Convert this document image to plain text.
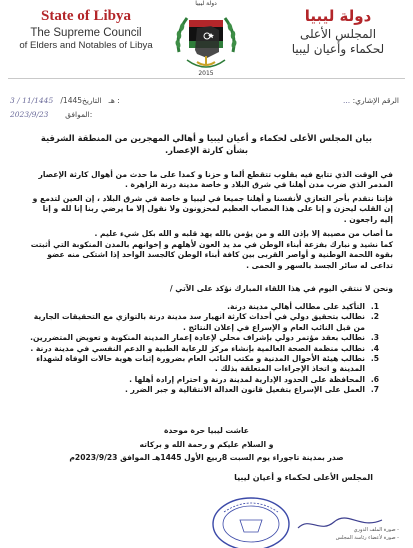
State of Libya
The Supreme Council
of Elders and Notables of Libya
دولة ليبيا
2015
دولة ليبيا
المجلس الأعلى
لحكماء وأعيان ليبيا
3 / 11/1445 /1445هـ   التاريخ :
2023/9/23 الموافق:
الرقم الإشاري: ...
بيان المجلس الأعلى لحكماء و أعيان ليبيا و أهالي المهجرين من المنطقة الشرقية بشأن كارثة الإعصار.
في الوقت الذي تتابع فيه بقلوب تتقطع ألما و حزنا و كمدا على ما حدث من أهوال كارثة الإعصار المدمر الذي ضرب مدن أهلنا في شرق البلاد و خاصة مدينة درنة الزاهرة .
فإننا نتقدم بأحر التعازي لأنفسنا و أهلنا جميعا في ليبيا و خاصة في شرق البلاد ، إن العين لتدمع و إن القلب ليحزن و إنا على هذا المصاب العظيم لمحزونون ولا نقول إلا ما يرضي ربنا إنا لله و إنا إليه راجعون .
ما أصاب من مصيبة إلا بإذن الله و من يؤمن بالله يهد قلبه و الله بكل شيء عليم .
كما نشيد و نبارك بفزعة أبناء الوطن في مد يد العون لأهلهم و إخوانهم بالمدن المنكوبة التي أثبتت بقوة اللحمة الوطنية و أواصر القربى بين كافة أبناء الوطن كالجسد الواحد إذا اشتكى منه عضو تداعى له سائر الجسد بالسهر و الحمى .
ونحن لا ننتقي اليوم في هذا اللقاء المبارك نؤكد على الآتي /
1.
التأكيد على مطالب أهالي مدينة درنة.
2.
نطالب بتحقيق دولي في أحداث كارثة انهيار سد مدينة درنة بالتوازي مع التحقيقات الجارية من قبل النائب العام و الإسراع في إعلان النتائج .
3.
نطالب بعقد مؤتمر دولي بإشراف محلي لإعادة إعمار المدينة المنكوبة و تعويض المتضررين.
4.
نطالب منظمة الصحة العالمية بإنشاء مركز للرعاية الطبية و الدعم النفسي في مدينة درنة .
5.
نطالب هيئة الأحوال المدنية و مكتب النائب العام بضرورة إثبات هوية حالات الوفاة لشهداء المدينة و اتخاذ الإجراءات المتعلقة بذلك .
6.
المحافظة على الحدود الإدارية لمدينة درنة و احترام إرادة أهلها .
7.
العمل على الإسراع بتفعيل قانون العدالة الانتقالية و جبر الضرر .
عاشت ليبيا حرة موحدة
و السلام عليكم و رحمة الله و بركاته
صدر بمدينة تاجوراء يوم السبت 8ربيع الأول 1445هـ الموافق 2023/9/23م
المجلس الأعلى لحكماء و أعيان ليبيا
- صورة الملف الدوري
- صورة لأعضاء رئاسة المجلس
